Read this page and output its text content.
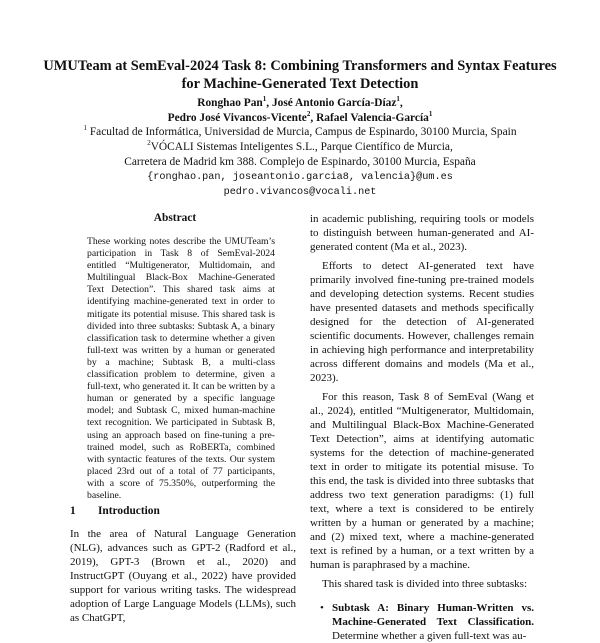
UMUTeam at SemEval-2024 Task 8: Combining Transformers and Syntax Features for Machine-Generated Text Detection
Ronghao Pan$^1$, José Antonio García-Díaz$^1$,
Pedro José Vivancos-Vicente$^2$, Rafael Valencia-García$^1$
$^1$ Facultad de Informática, Universidad de Murcia, Campus de Espinardo, 30100 Murcia, Spain
$^2$VÓCALI Sistemas Inteligentes S.L., Parque Científico de Murcia,
Carretera de Madrid km 388. Complejo de Espinardo, 30100 Murcia, España
{ronghao.pan, joseantonio.garcia8, valencia}@um.es
pedro.vivancos@vocali.net
Abstract
These working notes describe the UMUTeam’s participation in Task 8 of SemEval-2024 entitled “Multigenerator, Multidomain, and Multilingual Black-Box Machine-Generated Text Detection”. This shared task aims at identifying machine-generated text in order to mitigate its potential misuse. This shared task is divided into three subtasks: Subtask A, a binary classification task to determine whether a given full-text was written by a human or generated by a machine; Subtask B, a multi-class classification problem to determine, given a full-text, who generated it. It can be written by a human or generated by a specific language model; and Subtask C, mixed human-machine text recognition. We participated in Subtask B, using an approach based on fine-tuning a pre-trained model, such as RoBERTa, combined with syntactic features of the texts. Our system placed 23rd out of a total of 77 participants, with a score of 75.350%, outperforming the baseline.
1 Introduction
In the area of Natural Language Generation (NLG), advances such as GPT-2 (Radford et al., 2019), GPT-3 (Brown et al., 2020) and InstructGPT (Ouyang et al., 2022) have provided support for various writing tasks. The widespread adoption of Large Language Models (LLMs), such as ChatGPT,

in academic publishing, requiring tools or models to distinguish between human-generated and AI-generated content (Ma et al., 2023).

Efforts to detect AI-generated text have primarily involved fine-tuning pre-trained models and developing detection systems. Recent studies have presented datasets and methods specifically designed for the detection of AI-generated scientific documents. However, challenges remain in achieving high performance and interpretability across different domains and models (Ma et al., 2023).

For this reason, Task 8 of SemEval (Wang et al., 2024), entitled “Multigenerator, Multidomain, and Multilingual Black-Box Machine-Generated Text Detection”, aims at identifying automatic systems for the detection of machine-generated text in order to mitigate its potential misuse. To this end, the task is divided into three subtasks that address two text generation paradigms: (1) full text, where a text is considered to be entirely written by a human or generated by a machine; and (2) mixed text, where a machine-generated text is refined by a human, or a text written by a human is paraphrased by a machine.

This shared task is divided into three subtasks:

• Subtask A: Binary Human-Written vs. Machine-Generated Text Classification. Determine whether a given full-text was au-
